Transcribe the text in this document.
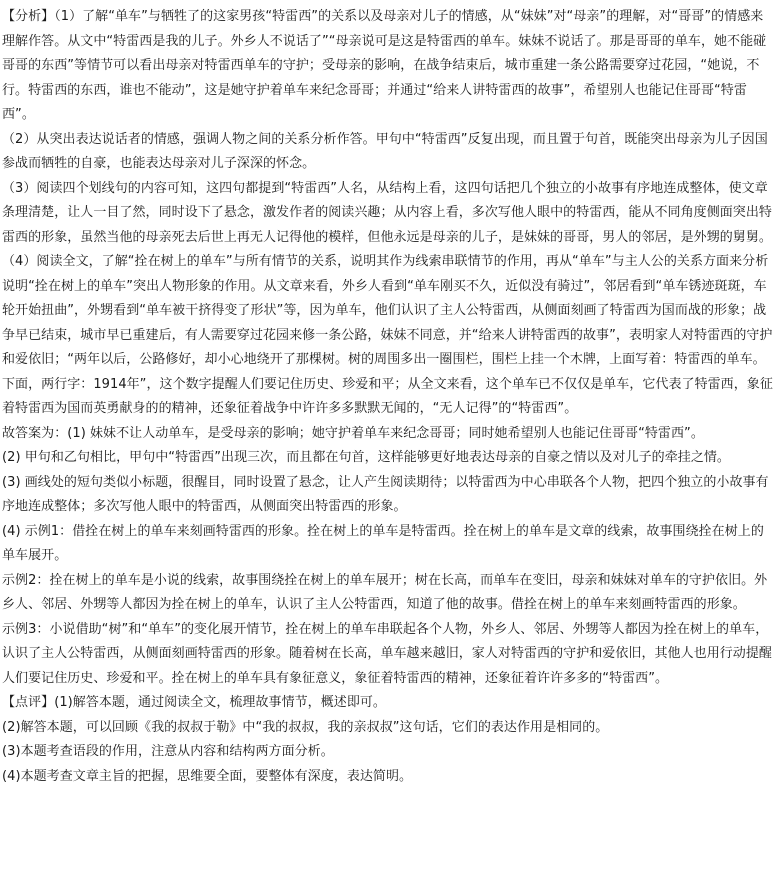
【分析】（1）了解“单车”与牺牲了的这家男孩“特雷西”的关系以及母亲对儿子的情感，从“妹妹”对“母亲”的理解，对“哥哥”的情感来理解作答。从文中“特雷西是我的儿子。外乡人不说话了”“母亲说可是这是特雷西的单车。妹妹不说话了。那是哥哥的单车，她不能碰哥哥的东西”等情节可以看出母亲对特雷西单车的守护；受母亲的影响，在战争结束后，城市重建一条公路需要穿过花园，“她说，不行。特雷西的东西，谁也不能动”，这是她守护着单车来纪念哥哥；并通过“给来人讲特雷西的故事”，希望别人也能记住哥哥“特雷西”。

（2）从突出表达说话者的情感，强调人物之间的关系分析作答。甲句中“特雷西”反复出现，而且置于句首，既能突出母亲为儿子因国参战而牺牲的自豪，也能表达母亲对儿子深深的怀念。

（3）阅读四个划线句的内容可知，这四句都提到“特雷西”人名，从结构上看，这四句话把几个独立的小故事有序地连成整体，使文章条理清楚，让人一目了然，同时设下了悬念，激发作者的阅读兴趣；从内容上看，多次写他人眼中的特雷西，能从不同角度侧面突出特雷西的形象，虽然当他的母亲死去后世上再无人记得他的模样，但他永远是母亲的儿子，是妹妹的哥哥，男人的邻居，是外甥的舅舅。

（4）阅读全文，了解“拴在树上的单车”与所有情节的关系，说明其作为线索串联情节的作用，再从“单车”与主人公的关系方面来分析说明“拴在树上的单车”突出人物形象的作用。从文章来看，外乡人看到“单车刚买不久，近似没有骑过”，邻居看到“单车锈迹斑斑，车轮开始扭曲”，外甥看到“单车被干挤得变了形状”等，因为单车，他们认识了主人公特雷西，从侧面刻画了特雷西为国而战的形象；战争早已结束，城市早已重建后，有人需要穿过花园来修一条公路，妹妹不同意，并“给来人讲特雷西的故事”，表明家人对特雷西的守护和爱依旧；“两年以后，公路修好，却小心地绕开了那棵树。树的周围多出一圈围栏，围栏上挂一个木牌，上面写着：特雷西的单车。下面，两行字：1914年”，这个数字提醒人们要记住历史、珍爱和平；从全文来看，这个单车已不仅仅是单车，它代表了特雷西，象征着特雷西为国而英勇献身的的精神，还象征着战争中许许多多默默无闻的，“无人记得”的“特雷西”。

故答案为：(1) 妹妹不让人动单车，是受母亲的影响；她守护着单车来纪念哥哥；同时她希望别人也能记住哥哥“特雷西”。

(2) 甲句和乙句相比，甲句中“特雷西”出现三次，而且都在句首，这样能够更好地表达母亲的自豪之情以及对儿子的牵挂之情。

(3) 画线处的短句类似小标题，很醒目，同时设置了悬念，让人产生阅读期待；以特雷西为中心串联各个人物，把四个独立的小故事有序地连成整体；多次写他人眼中的特雷西，从侧面突出特雷西的形象。

(4) 示例1：借拴在树上的单车来刻画特雷西的形象。拴在树上的单车是特雷西。拴在树上的单车是文章的线索，故事围绕拴在树上的单车展开。

示例2：拴在树上的单车是小说的线索，故事围绕拴在树上的单车展开；树在长高，而单车在变旧，母亲和妹妹对单车的守护依旧。外乡人、邻居、外甥等人都因为拴在树上的单车，认识了主人公特雷西，知道了他的故事。借拴在树上的单车来刻画特雷西的形象。

示例3：小说借助“树”和“单车”的变化展开情节，拴在树上的单车串联起各个人物，外乡人、邻居、外甥等人都因为拴在树上的单车，认识了主人公特雷西，从侧面刻画特雷西的形象。随着树在长高，单车越来越旧，家人对特雷西的守护和爱依旧，其他人也用行动提醒人们要记住历史、珍爱和平。拴在树上的单车具有象征意义，象征着特雷西的精神，还象征着许许多多的“特雷西”。

【点评】(1)解答本题，通过阅读全文，梳理故事情节，概述即可。

(2)解答本题，可以回顾《我的叔叔于勒》中“我的叔叔，我的亲叔叔”这句话，它们的表达作用是相同的。

(3)本题考查语段的作用，注意从内容和结构两方面分析。

(4)本题考查文章主旨的把握，思维要全面，要整体有深度，表达简明。
